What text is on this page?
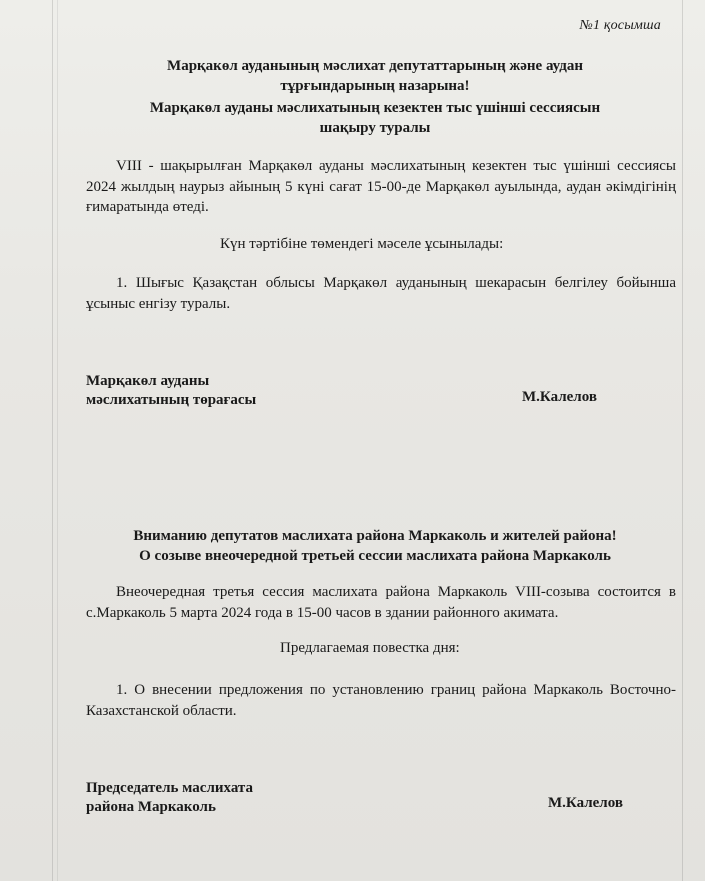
№1 қосымша
Марқакөл ауданының мәслихат депутаттарының және аудан
тұрғындарының назарына!
Марқакөл ауданы мәслихатының кезектен тыс үшінші сессиясын
шақыру туралы
VIII - шақырылған Марқакөл ауданы мәслихатының кезектен тыс үшінші сессиясы 2024 жылдың наурыз айының 5 күні сағат 15-00-де Марқакөл ауылында, аудан әкімдігінің ғимаратында өтеді.
Күн тәртібіне төмендегі мәселе ұсынылады:
1. Шығыс Қазақстан облысы Марқакөл ауданының шекарасын белгілеу бойынша ұсыныс енгізу туралы.
Марқакөл ауданы
мәслихатының төрағасы	М.Калелов
Вниманию депутатов маслихата района Маркаколь и жителей района!
О созыве внеочередной третьей сессии маслихата района Маркаколь
Внеочередная третья сессия маслихата района Маркаколь VIII-созыва состоится в с.Маркаколь 5 марта 2024 года в 15-00 часов в здании районного акимата.
Предлагаемая повестка дня:
1. О внесении предложения по установлению границ района Маркаколь Восточно-Казахстанской области.
Председатель маслихата
района Маркаколь	М.Калелов
